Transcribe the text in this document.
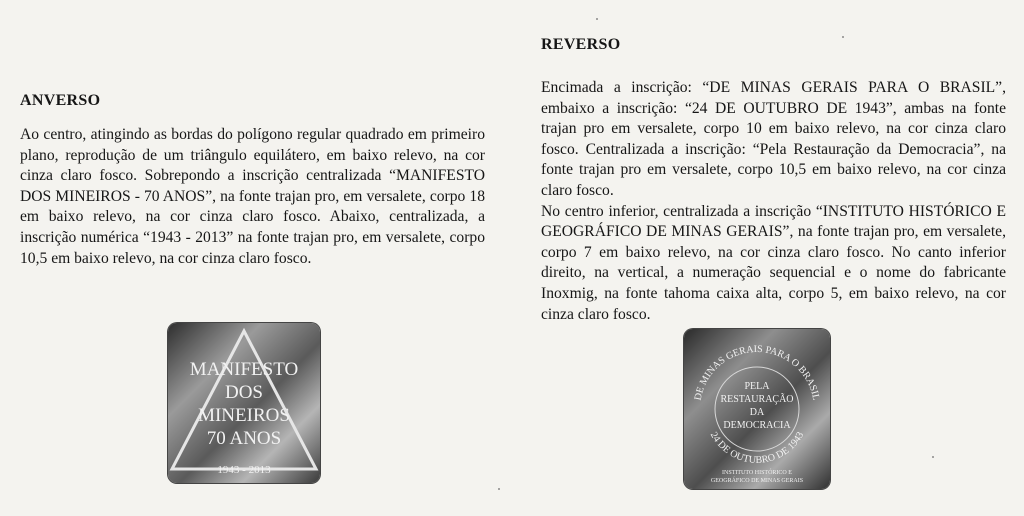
ANVERSO

Ao centro, atingindo as bordas do polígono regular quadrado em primeiro plano, reprodução de um triângulo equilátero, em baixo relevo, na cor cinza claro fosco. Sobrepondo a inscrição centralizada “MANIFESTO DOS MINEIROS - 70 ANOS”, na fonte trajan pro, em versalete, corpo 18 em baixo relevo, na cor cinza claro fosco. Abaixo, centralizada, a inscrição numérica “1943 - 2013” na fonte trajan pro, em versalete, corpo 10,5 em baixo relevo, na cor cinza claro fosco.

REVERSO

Encimada a inscrição: “DE MINAS GERAIS PARA O BRASIL”, embaixo a inscrição: “24 DE OUTUBRO DE 1943”, ambas na fonte trajan pro em versalete, corpo 10 em baixo relevo, na cor cinza claro fosco. Centralizada a inscrição: “Pela Restauração da Democracia”, na fonte trajan pro em versalete, corpo 10,5 em baixo relevo, na cor cinza claro fosco.

No centro inferior, centralizada a inscrição “INSTITUTO HISTÓRICO E GEOGRÁFICO DE MINAS GERAIS”, na fonte trajan pro, em versalete, corpo 7 em baixo relevo, na cor cinza claro fosco. No canto inferior direito, na vertical, a numeração sequencial e o nome do fabricante Inoxmig, na fonte tahoma caixa alta, corpo 5, em baixo relevo, na cor cinza claro fosco.

MANIFESTO
DOS
MINEIROS
70 ANOS
1943 - 2013
DE MINAS GERAIS PARA O BRASIL
24 DE OUTUBRO DE 1943
PELA
RESTAURAÇÃO
DA
DEMOCRACIA
INSTITUTO HISTÓRICO E
GEOGRÁFICO DE MINAS GERAIS
